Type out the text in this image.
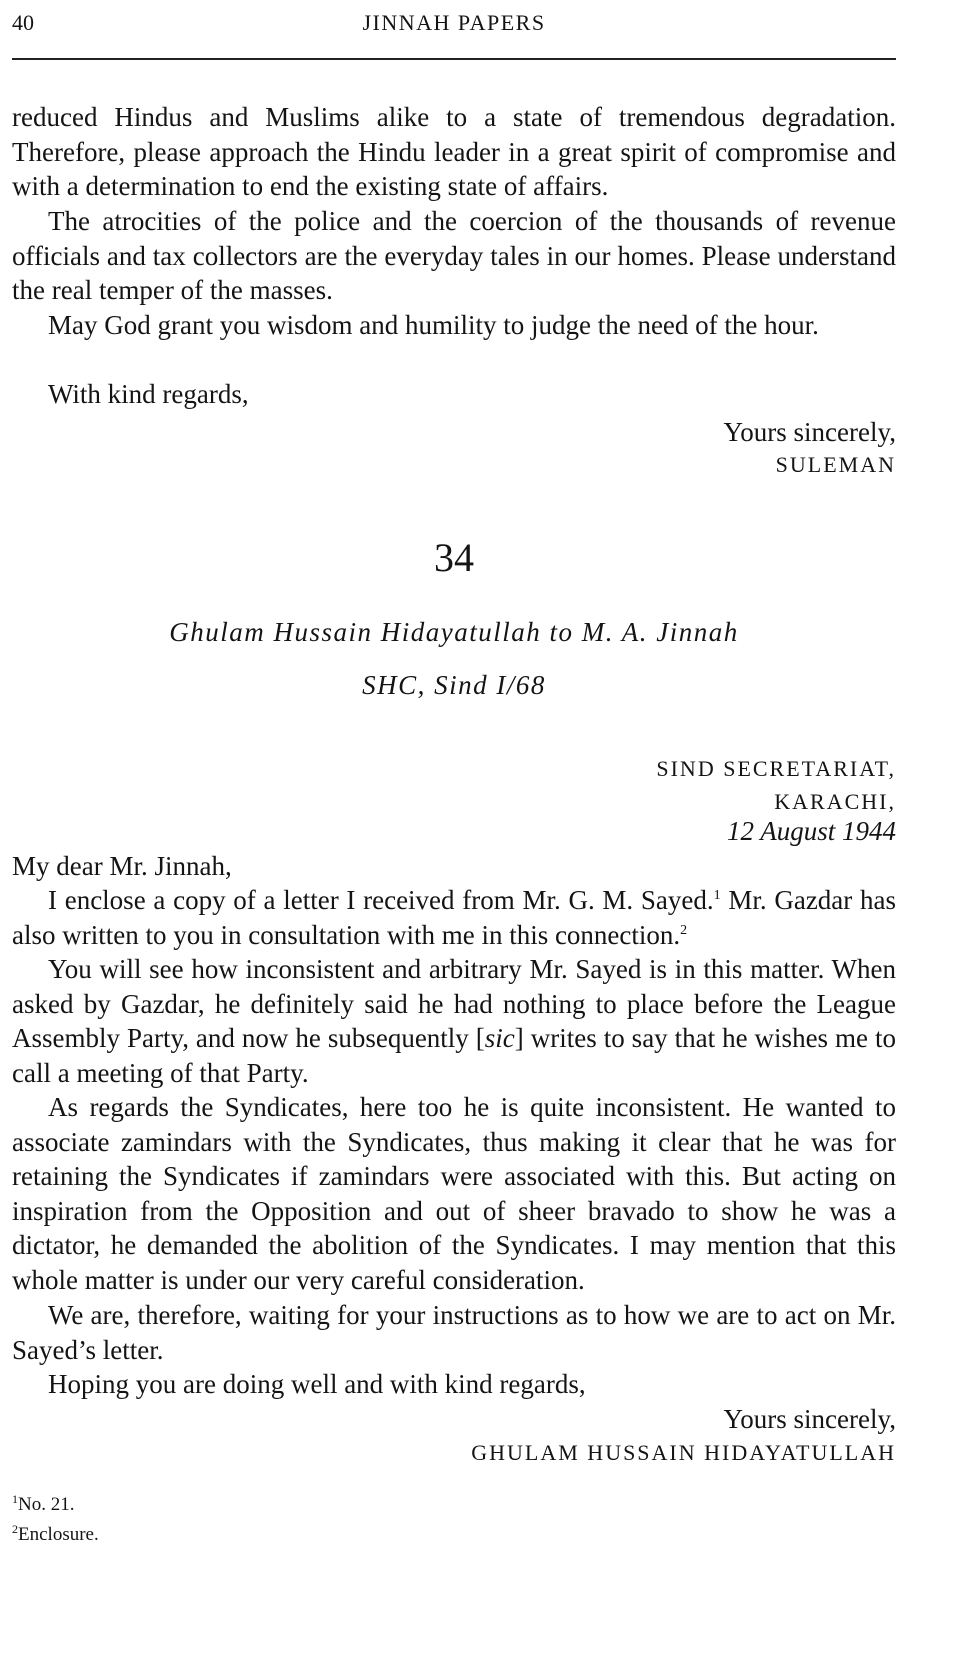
40	JINNAH PAPERS

reduced Hindus and Muslims alike to a state of tremendous degradation. Therefore, please approach the Hindu leader in a great spirit of compromise and with a determination to end the existing state of affairs.

The atrocities of the police and the coercion of the thousands of revenue officials and tax collectors are the everyday tales in our homes. Please understand the real temper of the masses.

May God grant you wisdom and humility to judge the need of the hour.

With kind regards,

Yours sincerely,
SULEMAN
34
Ghulam Hussain Hidayatullah to M. A. Jinnah
SHC, Sind I/68
SIND SECRETARIAT,
KARACHI,
12 August 1944
My dear Mr. Jinnah,

I enclose a copy of a letter I received from Mr. G. M. Sayed.$^1$ Mr. Gazdar has also written to you in consultation with me in this connection.$^2$

You will see how inconsistent and arbitrary Mr. Sayed is in this matter. When asked by Gazdar, he definitely said he had nothing to place before the League Assembly Party, and now he subsequently [sic] writes to say that he wishes me to call a meeting of that Party.

As regards the Syndicates, here too he is quite inconsistent. He wanted to associate zamindars with the Syndicates, thus making it clear that he was for retaining the Syndicates if zamindars were associated with this. But acting on inspiration from the Opposition and out of sheer bravado to show he was a dictator, he demanded the abolition of the Syndicates. I may mention that this whole matter is under our very careful consideration.

We are, therefore, waiting for your instructions as to how we are to act on Mr. Sayed’s letter.

Hoping you are doing well and with kind regards,

Yours sincerely,
GHULAM HUSSAIN HIDAYATULLAH
$^1$No. 21.
$^2$Enclosure.
